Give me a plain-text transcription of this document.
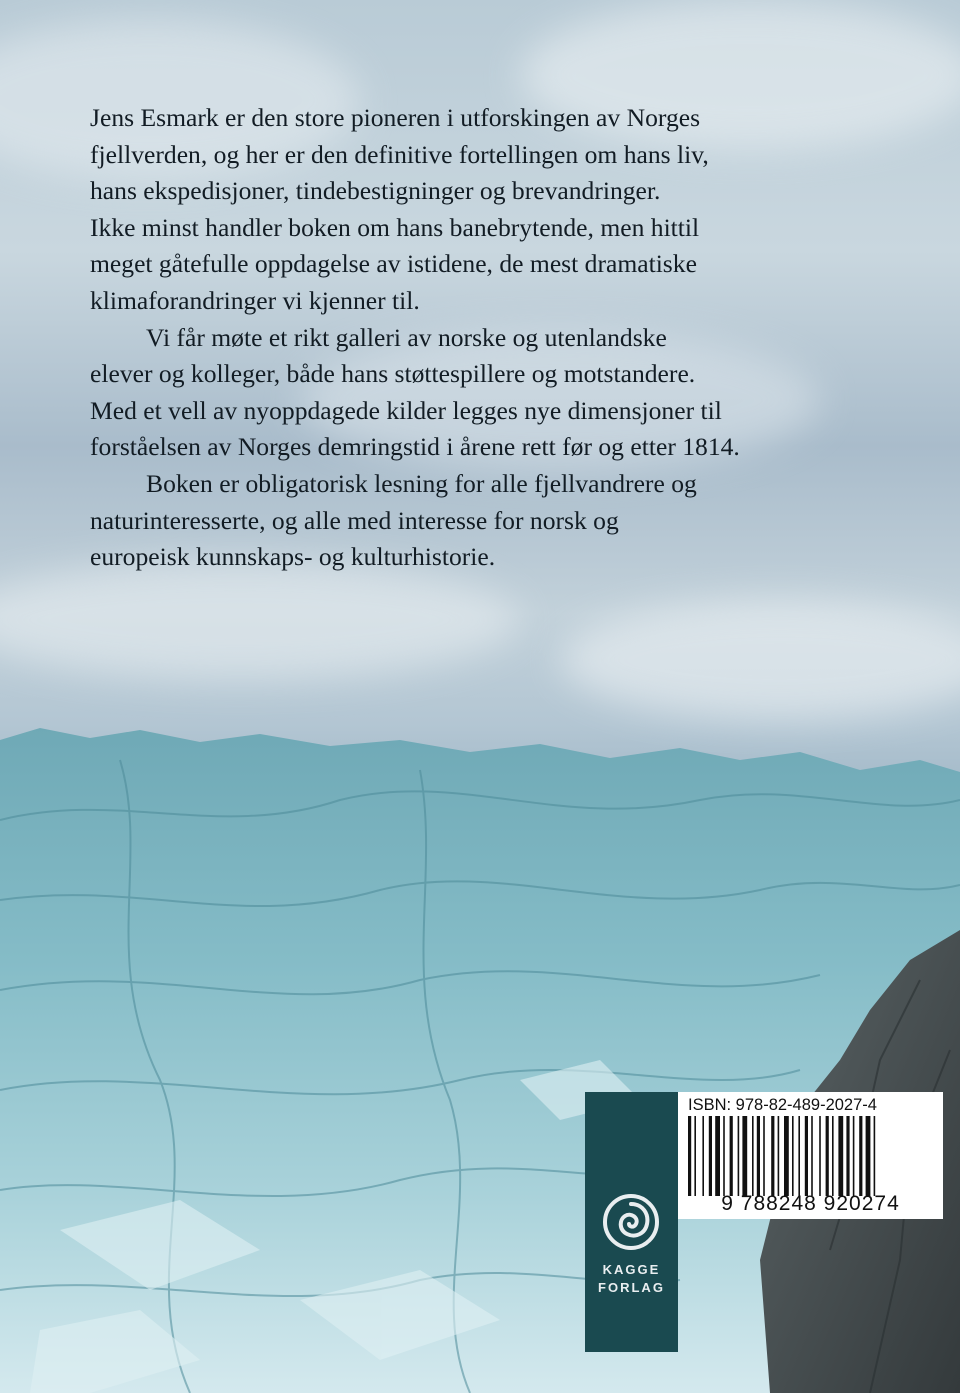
Jens Esmark er den store pioneren i utforskingen av Norges
fjellverden, og her er den definitive fortellingen om hans liv,
hans ekspedisjoner, tindebestigninger og brevandringer.
Ikke minst handler boken om hans banebrytende, men hittil
meget gåtefulle oppdagelse av istidene, de mest dramatiske
klimaforandringer vi kjenner til.

Vi får møte et rikt galleri av norske og utenlandske
elever og kolleger, både hans støttespillere og motstandere.
Med et vell av nyoppdagede kilder legges nye dimensjoner til
forståelsen av Norges demringstid i årene rett før og etter 1814.

Boken er obligatorisk lesning for alle fjellvandrere og
naturinteresserte, og alle med interesse for norsk og
europeisk kunnskaps- og kulturhistorie.

KAGGE
FORLAG
ISBN: 978-82-489-2027-4
9 788248 920274
